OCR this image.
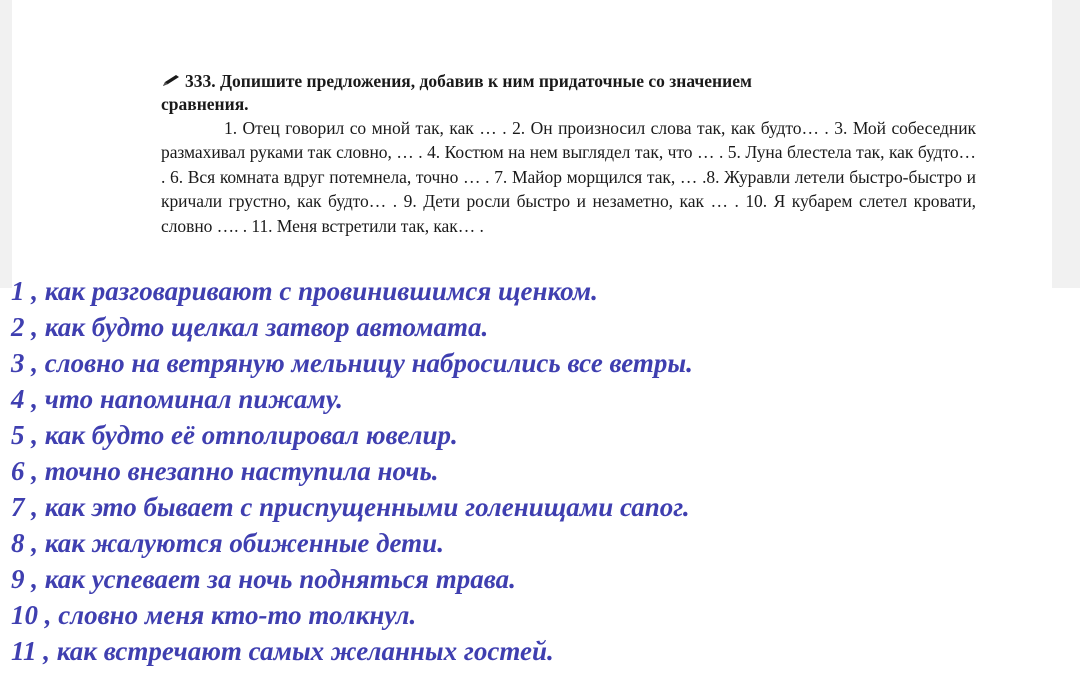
333. Допишите предложения, добавив к ним придаточные со значением
сравнения.

1. Отец говорил со мной так, как … . 2. Он произносил слова так, как будто… . 3. Мой собеседник размахивал руками так словно, … . 4. Костюм на нем выглядел так, что … . 5. Луна блестела так, как будто… . 6. Вся комната вдруг потемнела, точно … . 7. Майор морщился так, … .8. Журавли летели быстро-быстро и кричали грустно, как будто… . 9. Дети росли быстро и незаметно, как … . 10. Я кубарем слетел кровати, словно …. . 11. Меня встретили так, как… .

1 , как разговаривают с провинившимся щенком.

2 , как будто щелкал затвор автомата.

3 , словно на ветряную мельницу набросились все ветры.

4 , что напоминал пижаму.

5 , как будто её отполировал ювелир.

6 , точно внезапно наступила ночь.

7 , как это бывает с приспущенными голенищами сапог.

8 , как жалуются обиженные дети.

9 , как успевает за ночь подняться трава.

10 , словно меня кто-то толкнул.

11 , как встречают самых желанных гостей.
